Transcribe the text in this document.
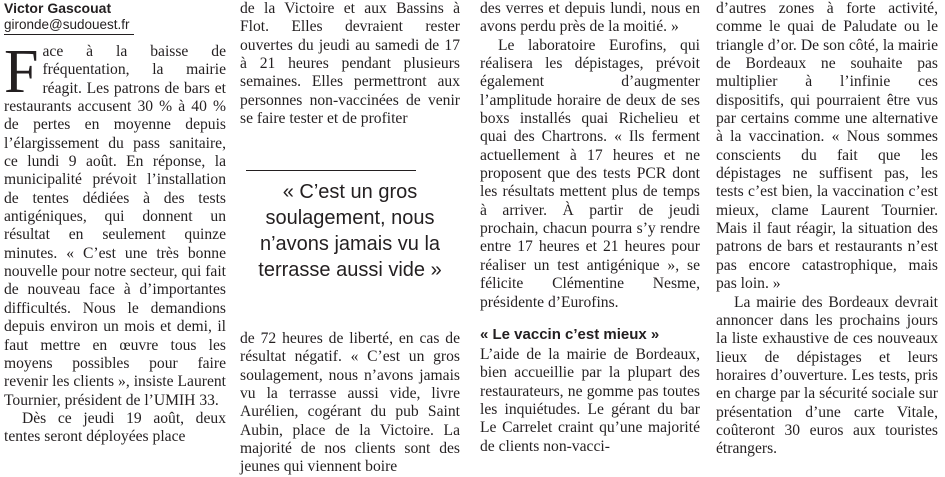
Victor Gascouat
gironde@sudouest.fr

Face à la baisse de fréquentation, la mairie réagit. Les patrons de bars et restaurants accusent 30 % à 40 % de pertes en moyenne depuis l’élargissement du pass sanitaire, ce lundi 9 août. En réponse, la municipalité prévoit l’installation de tentes dédiées à des tests antigéniques, qui donnent un résultat en seulement quinze minutes. « C’est une très bonne nouvelle pour notre secteur, qui fait de nouveau face à d’importantes difficultés. Nous le demandions depuis environ un mois et demi, il faut mettre en œuvre tous les moyens possibles pour faire revenir les clients », insiste Laurent Tournier, président de l’UMIH 33.

Dès ce jeudi 19 août, deux tentes seront déployées place

de la Victoire et aux Bassins à Flot. Elles devraient rester ouvertes du jeudi au samedi de 17 à 21 heures pendant plusieurs semaines. Elles permettront aux personnes non-vaccinées de venir se faire tester et de profiter

« C’est un gros soulagement, nous n’avons jamais vu la terrasse aussi vide »

de 72 heures de liberté, en cas de résultat négatif. « C’est un gros soulagement, nous n’avons jamais vu la terrasse aussi vide, livre Aurélien, cogérant du pub Saint Aubin, place de la Victoire. La majorité de nos clients sont des jeunes qui viennent boire

des verres et depuis lundi, nous en avons perdu près de la moitié. »

Le laboratoire Eurofins, qui réalisera les dépistages, prévoit également d’augmenter l’amplitude horaire de deux de ses boxs installés quai Richelieu et quai des Chartrons. « Ils ferment actuellement à 17 heures et ne proposent que des tests PCR dont les résultats mettent plus de temps à arriver. À partir de jeudi prochain, chacun pourra s’y rendre entre 17 heures et 21 heures pour réaliser un test antigénique », se félicite Clémentine Nesme, présidente d’Eurofins.

« Le vaccin c’est mieux »

L’aide de la mairie de Bordeaux, bien accueillie par la plupart des restaurateurs, ne gomme pas toutes les inquiétudes. Le gérant du bar Le Carrelet craint qu’une majorité de clients non-vacci-

d’autres zones à forte activité, comme le quai de Paludate ou le triangle d’or. De son côté, la mairie de Bordeaux ne souhaite pas multiplier à l’infinie ces dispositifs, qui pourraient être vus par certains comme une alternative à la vaccination. « Nous sommes conscients du fait que les dépistages ne suffisent pas, les tests c’est bien, la vaccination c’est mieux, clame Laurent Tournier. Mais il faut réagir, la situation des patrons de bars et restaurants n’est pas encore catastrophique, mais pas loin. »

La mairie des Bordeaux devrait annoncer dans les prochains jours la liste exhaustive de ces nouveaux lieux de dépistages et leurs horaires d’ouverture. Les tests, pris en charge par la sécurité sociale sur présentation d’une carte Vitale, coûteront 30 euros aux touristes étrangers.
